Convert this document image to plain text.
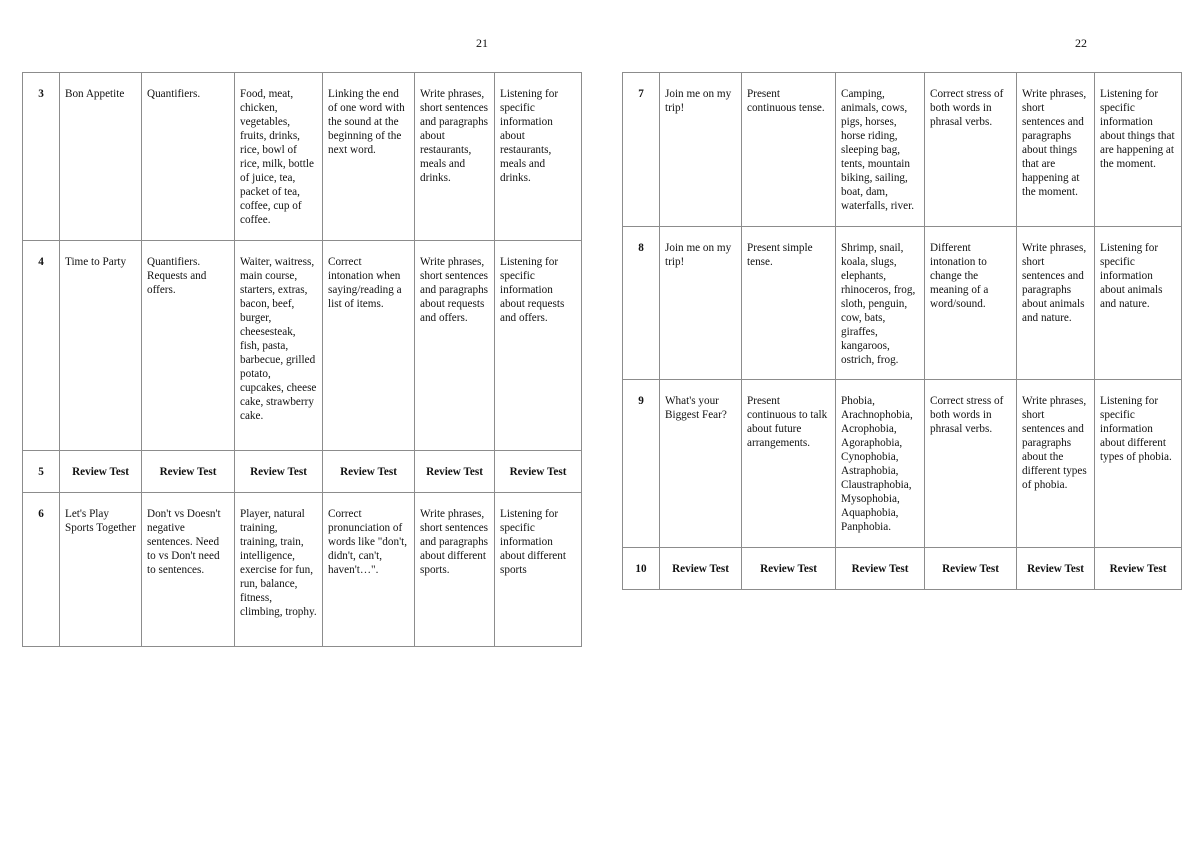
21	22
3	Bon Appetite	Quantifiers.	Food, meat, chicken, vegetables, fruits, drinks, rice, bowl of rice, milk, bottle of juice, tea, packet of tea, coffee, cup of coffee.	Linking the end of one word with the sound at the beginning of the next word.	Write phrases, short sentences and paragraphs about restaurants, meals and drinks.	Listening for specific information about restaurants, meals and drinks.
4	Time to Party	Quantifiers. Requests and offers.	Waiter, waitress, main course, starters, extras, bacon, beef, burger, cheesesteak, fish, pasta, barbecue, grilled potato, cupcakes, cheese cake, strawberry cake.	Correct intonation when saying/reading a list of items.	Write phrases, short sentences and paragraphs about requests and offers.	Listening for specific information about requests and offers.
5	Review Test	Review Test	Review Test	Review Test	Review Test	Review Test
6	Let's Play Sports Together	Don't vs Doesn't negative sentences. Need to vs Don't need to sentences.	Player, natural training, training, train, intelligence, exercise for fun, run, balance, fitness, climbing, trophy.	Correct pronunciation of words like "don't, didn't, can't, haven't…".	Write phrases, short sentences and paragraphs about different sports.	Listening for specific information about different sports
7	Join me on my trip!	Present continuous tense.	Camping, animals, cows, pigs, horses, horse riding, sleeping bag, tents, mountain biking, sailing, boat, dam, waterfalls, river.	Correct stress of both words in phrasal verbs.	Write phrases, short sentences and paragraphs about things that are happening at the moment.	Listening for specific information about things that are happening at the moment.
8	Join me on my trip!	Present simple tense.	Shrimp, snail, koala, slugs, elephants, rhinoceros, frog, sloth, penguin, cow, bats, giraffes, kangaroos, ostrich, frog.	Different intonation to change the meaning of a word/sound.	Write phrases, short sentences and paragraphs about animals and nature.	Listening for specific information about animals and nature.
9	What's your Biggest Fear?	Present continuous to talk about future arrangements.	Phobia, Arachnophobia, Acrophobia, Agoraphobia, Cynophobia, Astraphobia, Claustraphobia, Mysophobia, Aquaphobia, Panphobia.	Correct stress of both words in phrasal verbs.	Write phrases, short sentences and paragraphs about the different types of phobia.	Listening for specific information about different types of phobia.
10	Review Test	Review Test	Review Test	Review Test	Review Test	Review Test
